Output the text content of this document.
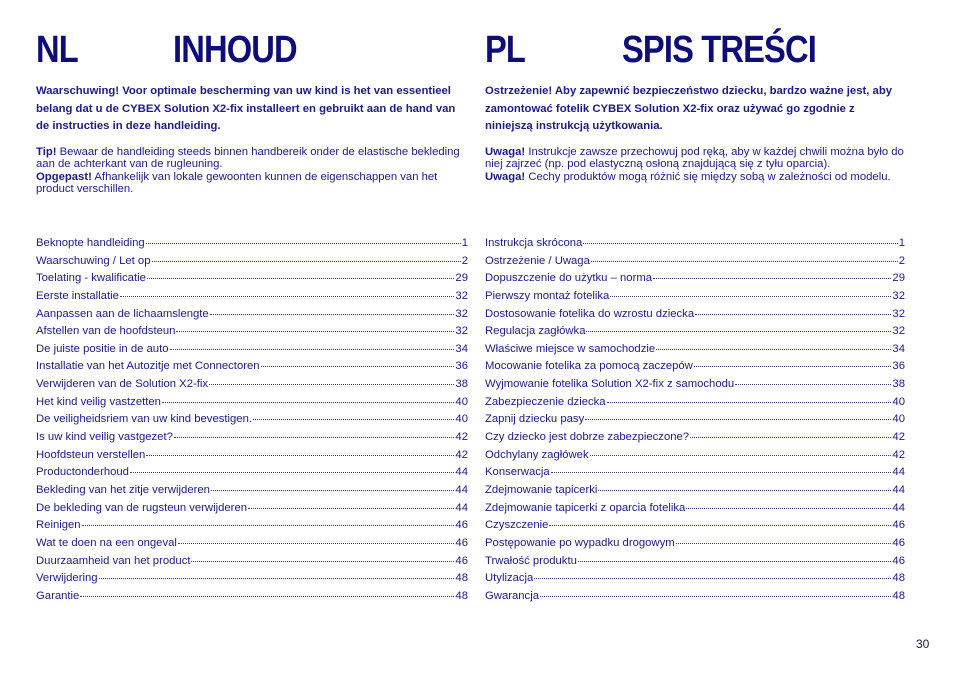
NL	INHOUD

Waarschuwing! Voor optimale bescherming van uw kind is het van essentieel belang dat u de CYBEX Solution X2-fix installeert en gebruikt aan de hand van de instructies in deze handleiding.

Tip! Bewaar de handleiding steeds binnen handbereik onder de elastische bekleding aan de achterkant van de rugleuning.
Opgepast! Afhankelijk van lokale gewoonten kunnen de eigenschappen van het product verschillen.

Beknopte handleiding	1
Waarschuwing / Let op	2
Toelating - kwalificatie	29
Eerste installatie	32
Aanpassen aan de lichaamslengte	32
Afstellen van de hoofdsteun	32
De juiste positie in de auto	34
Installatie van het Autozitje met Connectoren	36
Verwijderen van de Solution X2-fix	38
Het kind veilig vastzetten	40
De veiligheidsriem van uw kind bevestigen.	40
Is uw kind veilig vastgezet?	42
Hoofdsteun verstellen	42
Productonderhoud	44
Bekleding van het zitje verwijderen	44
De bekleding van de rugsteun verwijderen	44
Reinigen	46
Wat te doen na een ongeval	46
Duurzaamheid van het product	46
Verwijdering	48
Garantie	48
PL	SPIS TREŚCI

Ostrzeżenie! Aby zapewnić bezpieczeństwo dziecku, bardzo ważne jest, aby zamontować fotelik CYBEX Solution X2-fix oraz używać go zgodnie z niniejszą instrukcją użytkowania.

Uwaga! Instrukcje zawsze przechowuj pod ręką, aby w każdej chwili można było do niej zajrzeć (np. pod elastyczną osłoną znajdującą się z tyłu oparcia).
Uwaga! Cechy produktów mogą różnić się między sobą w zależności od modelu.

Instrukcja skrócona	1
Ostrzeżenie / Uwaga	2
Dopuszczenie do użytku – norma	29
Pierwszy montaż fotelika	32
Dostosowanie fotelika do wzrostu dziecka	32
Regulacja zagłówka	32
Właściwe miejsce w samochodzie	34
Mocowanie fotelika za pomocą zaczepów	36
Wyjmowanie fotelika Solution X2-fix z samochodu	38
Zabezpieczenie dziecka	40
Zapnij dziecku pasy	40
Czy dziecko jest dobrze zabezpieczone?	42
Odchylany zagłówek	42
Konserwacja	44
Zdejmowanie tapicerki	44
Zdejmowanie tapicerki z oparcia fotelika	44
Czyszczenie	46
Postępowanie po wypadku drogowym	46
Trwałość produktu	46
Utylizacja	48
Gwarancja	48
30
